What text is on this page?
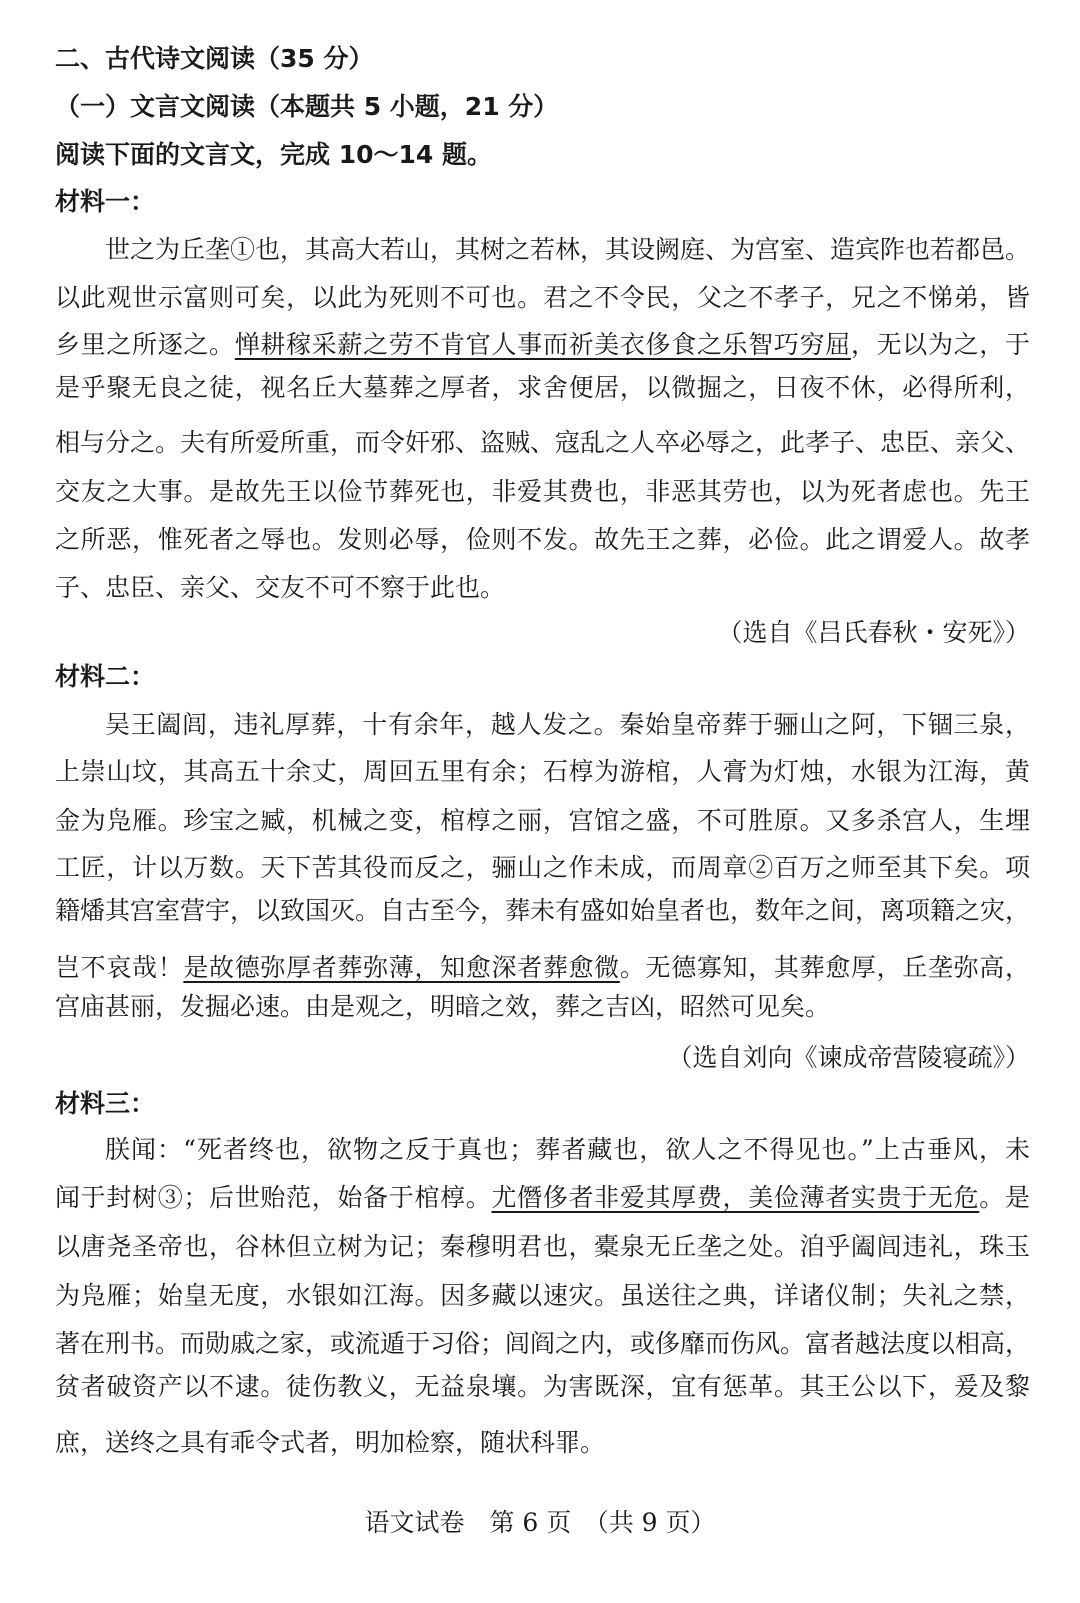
二、古代诗文阅读（35 分）
（一）文言文阅读（本题共 5 小题，21 分）
阅读下面的文言文，完成 10～14 题。
材料一：
世之为丘垄①也，其高大若山，其树之若林，其设阙庭、为宫室、造宾阼也若都邑。
以此观世示富则可矣，以此为死则不可也。君之不令民，父之不孝子，兄之不悌弟，皆
乡里之所逐之。惮耕稼采薪之劳不肯官人事而祈美衣侈食之乐智巧穷屈，无以为之，于
是乎聚无良之徒，视名丘大墓葬之厚者，求舍便居，以微掘之，日夜不休，必得所利，
相与分之。夫有所爱所重，而令奸邪、盗贼、寇乱之人卒必辱之，此孝子、忠臣、亲父、
交友之大事。是故先王以俭节葬死也，非爱其费也，非恶其劳也，以为死者虑也。先王
之所恶，惟死者之辱也。发则必辱，俭则不发。故先王之葬，必俭。此之谓爱人。故孝
子、忠臣、亲父、交友不可不察于此也。
（选自《吕氏春秋・安死》）
材料二：
吴王阖闾，违礼厚葬，十有余年，越人发之。秦始皇帝葬于骊山之阿，下锢三泉，
上崇山坟，其高五十余丈，周回五里有余；石椁为游棺，人膏为灯烛，水银为江海，黄
金为凫雁。珍宝之臧，机械之变，棺椁之丽，宫馆之盛，不可胜原。又多杀宫人，生埋
工匠，计以万数。天下苦其役而反之，骊山之作未成，而周章②百万之师至其下矣。项
籍燔其宫室营宇，以致国灭。自古至今，葬未有盛如始皇者也，数年之间，离项籍之灾，
岂不哀哉！是故德弥厚者葬弥薄，知愈深者葬愈微。无德寡知，其葬愈厚，丘垄弥高，
宫庙甚丽，发掘必速。由是观之，明暗之效，葬之吉凶，昭然可见矣。
（选自刘向《谏成帝营陵寝疏》）
材料三：
朕闻：“死者终也，欲物之反于真也；葬者藏也，欲人之不得见也。”上古垂风，未
闻于封树③；后世贻范，始备于棺椁。尤僭侈者非爱其厚费，美俭薄者实贵于无危。是
以唐尧圣帝也，谷林但立树为记；秦穆明君也，橐泉无丘垄之处。洎乎阖闾违礼，珠玉
为凫雁；始皇无度，水银如江海。因多藏以速灾。虽送往之典，详诸仪制；失礼之禁，
著在刑书。而勋戚之家，或流遁于习俗；闾阎之内，或侈靡而伤风。富者越法度以相高，
贫者破资产以不逮。徒伤教义，无益泉壤。为害既深，宜有惩革。其王公以下，爰及黎
庶，送终之具有乖令式者，明加检察，随状科罪。
语文试卷　第 6 页　（共 9 页）
